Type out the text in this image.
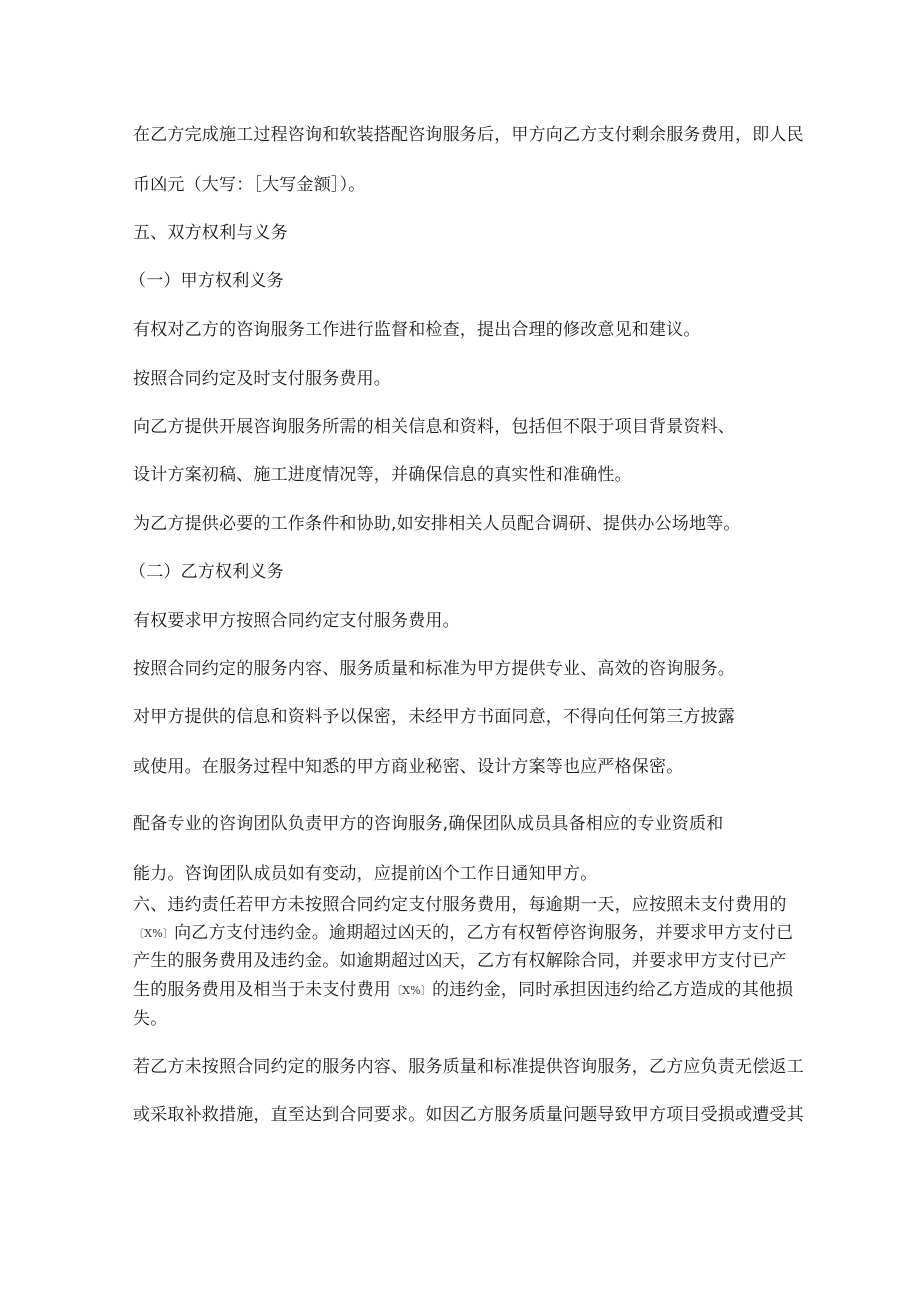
在乙方完成施工过程咨询和软装搭配咨询服务后，甲方向乙方支付剩余服务费用，即人民
币凶元（大写：［大写金额］）。
五、双方权利与义务
（一）甲方权利义务
有权对乙方的咨询服务工作进行监督和检查，提出合理的修改意见和建议。
按照合同约定及时支付服务费用。
向乙方提供开展咨询服务所需的相关信息和资料，包括但不限于项目背景资料、
设计方案初稿、施工进度情况等，并确保信息的真实性和准确性。
为乙方提供必要的工作条件和协助,如安排相关人员配合调研、提供办公场地等。
（二）乙方权利义务
有权要求甲方按照合同约定支付服务费用。
按照合同约定的服务内容、服务质量和标准为甲方提供专业、高效的咨询服务。
对甲方提供的信息和资料予以保密，未经甲方书面同意，不得向任何第三方披露
或使用。在服务过程中知悉的甲方商业秘密、设计方案等也应严格保密。
配备专业的咨询团队负责甲方的咨询服务,确保团队成员具备相应的专业资质和
能力。咨询团队成员如有变动，应提前凶个工作日通知甲方。
六、违约责任若甲方未按照合同约定支付服务费用，每逾期一天，应按照未支付费用的
〔X%〕向乙方支付违约金。逾期超过凶天的，乙方有权暂停咨询服务，并要求甲方支付已
产生的服务费用及违约金。如逾期超过凶天，乙方有权解除合同，并要求甲方支付已产
生的服务费用及相当于未支付费用〔X%〕的违约金，同时承担因违约给乙方造成的其他损
失。
若乙方未按照合同约定的服务内容、服务质量和标准提供咨询服务，乙方应负责无偿返工
或采取补救措施，直至达到合同要求。如因乙方服务质量问题导致甲方项目受损或遭受其
